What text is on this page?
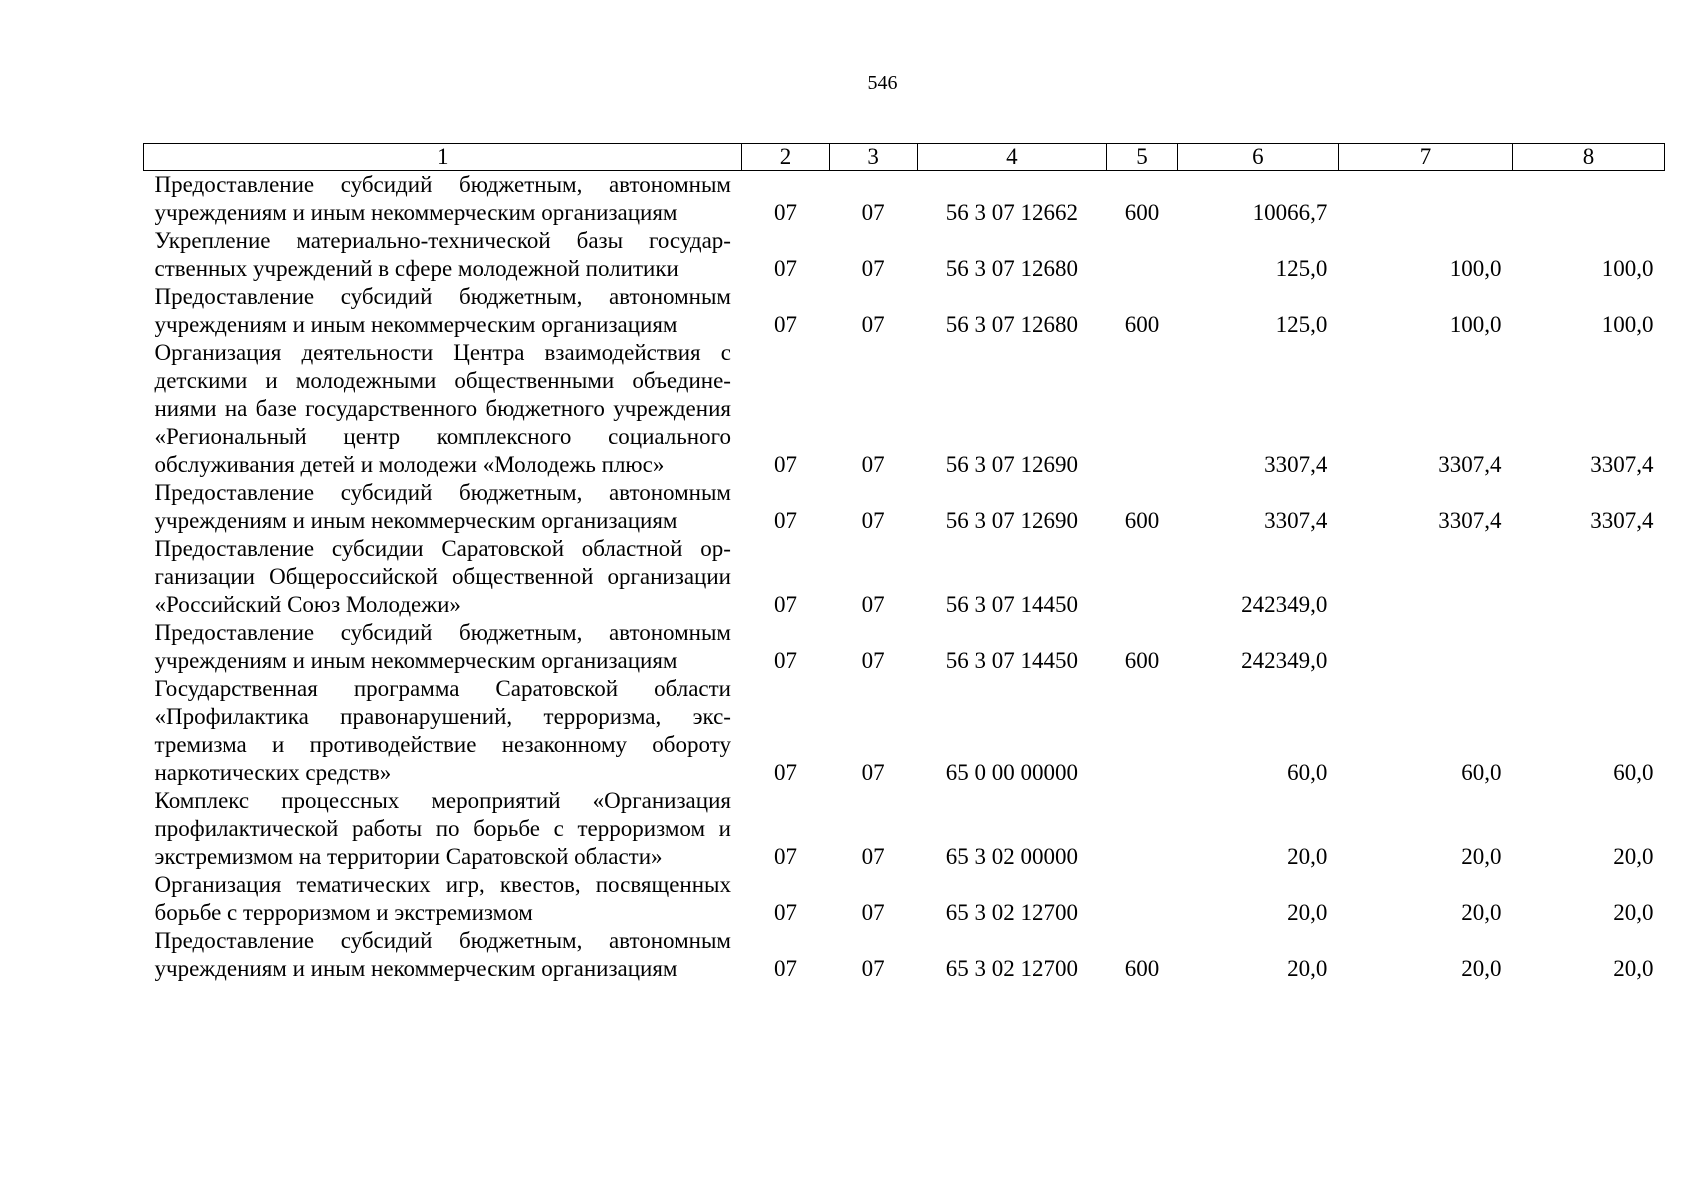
546
1	2	3	4	5	6	7	8
Предоставление субсидий бюджетным, автономным учреждениям и иным некоммерческим организациям	07	07	56 3 07 12662	600	10066,7		
Укрепление материально-технической базы государственных учреждений в сфере молодежной политики	07	07	56 3 07 12680		125,0	100,0	100,0
Предоставление субсидий бюджетным, автономным учреждениям и иным некоммерческим организациям	07	07	56 3 07 12680	600	125,0	100,0	100,0
Организация деятельности Центра взаимодействия с детскими и молодежными общественными объединениями на базе государственного бюджетного учреждения «Региональный центр комплексного социального обслуживания детей и молодежи «Молодежь плюс»	07	07	56 3 07 12690		3307,4	3307,4	3307,4
Предоставление субсидий бюджетным, автономным учреждениям и иным некоммерческим организациям	07	07	56 3 07 12690	600	3307,4	3307,4	3307,4
Предоставление субсидии Саратовской областной организации Общероссийской общественной организации «Российский Союз Молодежи»	07	07	56 3 07 14450		242349,0		
Предоставление субсидий бюджетным, автономным учреждениям и иным некоммерческим организациям	07	07	56 3 07 14450	600	242349,0		
Государственная программа Саратовской области «Профилактика правонарушений, терроризма, экстремизма и противодействие незаконному обороту наркотических средств»	07	07	65 0 00 00000		60,0	60,0	60,0
Комплекс процессных мероприятий «Организация профилактической работы по борьбе с терроризмом и экстремизмом на территории Саратовской области»	07	07	65 3 02 00000		20,0	20,0	20,0
Организация тематических игр, квестов, посвященных борьбе с терроризмом и экстремизмом	07	07	65 3 02 12700		20,0	20,0	20,0
Предоставление субсидий бюджетным, автономным учреждениям и иным некоммерческим организациям	07	07	65 3 02 12700	600	20,0	20,0	20,0
